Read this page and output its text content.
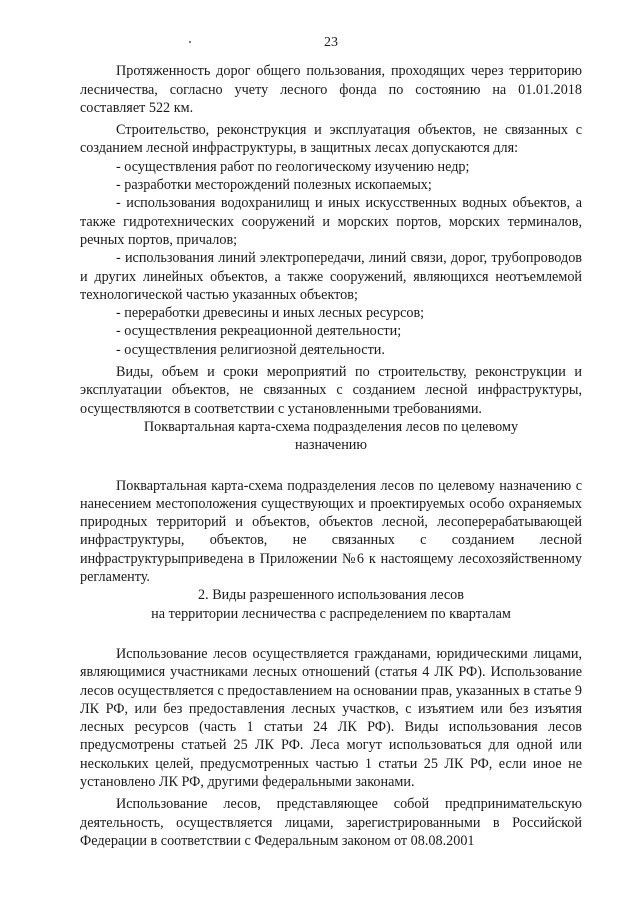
23

Протяженность дорог общего пользования, проходящих через территорию лесничества, согласно учету лесного фонда по состоянию на 01.01.2018 составляет 522 км.

Строительство, реконструкция и эксплуатация объектов, не связанных с созданием лесной инфраструктуры, в защитных лесах допускаются для:

- осуществления работ по геологическому изучению недр;

- разработки месторождений полезных ископаемых;

- использования водохранилищ и иных искусственных водных объектов, а также гидротехнических сооружений и морских портов, морских терминалов, речных портов, причалов;

- использования линий электропередачи, линий связи, дорог, трубопроводов и других линейных объектов, а также сооружений, являющихся неотъемлемой технологической частью указанных объектов;

- переработки древесины и иных лесных ресурсов;

- осуществления рекреационной деятельности;

- осуществления религиозной деятельности.

Виды, объем и сроки мероприятий по строительству, реконструкции и эксплуатации объектов, не связанных с созданием лесной инфраструктуры, осуществляются в соответствии с установленными требованиями.

Поквартальная карта-схема подразделения лесов по целевому
назначению

Поквартальная карта-схема подразделения лесов по целевому назначению с нанесением местоположения существующих и проектируемых особо охраняемых природных территорий и объектов, объектов лесной, лесоперерабатывающей инфраструктуры, объектов, не связанных с созданием лесной инфраструктурыприведена в Приложении №6 к настоящему лесохозяйственному регламенту.

2. Виды разрешенного использования лесов
на территории лесничества с распределением по кварталам

Использование лесов осуществляется гражданами, юридическими лицами, являющимися участниками лесных отношений (статья 4 ЛК РФ). Использование лесов осуществляется с предоставлением на основании прав, указанных в статье 9 ЛК РФ, или без предоставления лесных участков, с изъятием или без изъятия лесных ресурсов (часть 1 статьи 24 ЛК РФ). Виды использования лесов предусмотрены статьей 25 ЛК РФ. Леса могут использоваться для одной или нескольких целей, предусмотренных частью 1 статьи 25 ЛК РФ, если иное не установлено ЛК РФ, другими федеральными законами.

Использование лесов, представляющее собой предпринимательскую деятельность, осуществляется лицами, зарегистрированными в Российской Федерации в соответствии с Федеральным законом от 08.08.2001
